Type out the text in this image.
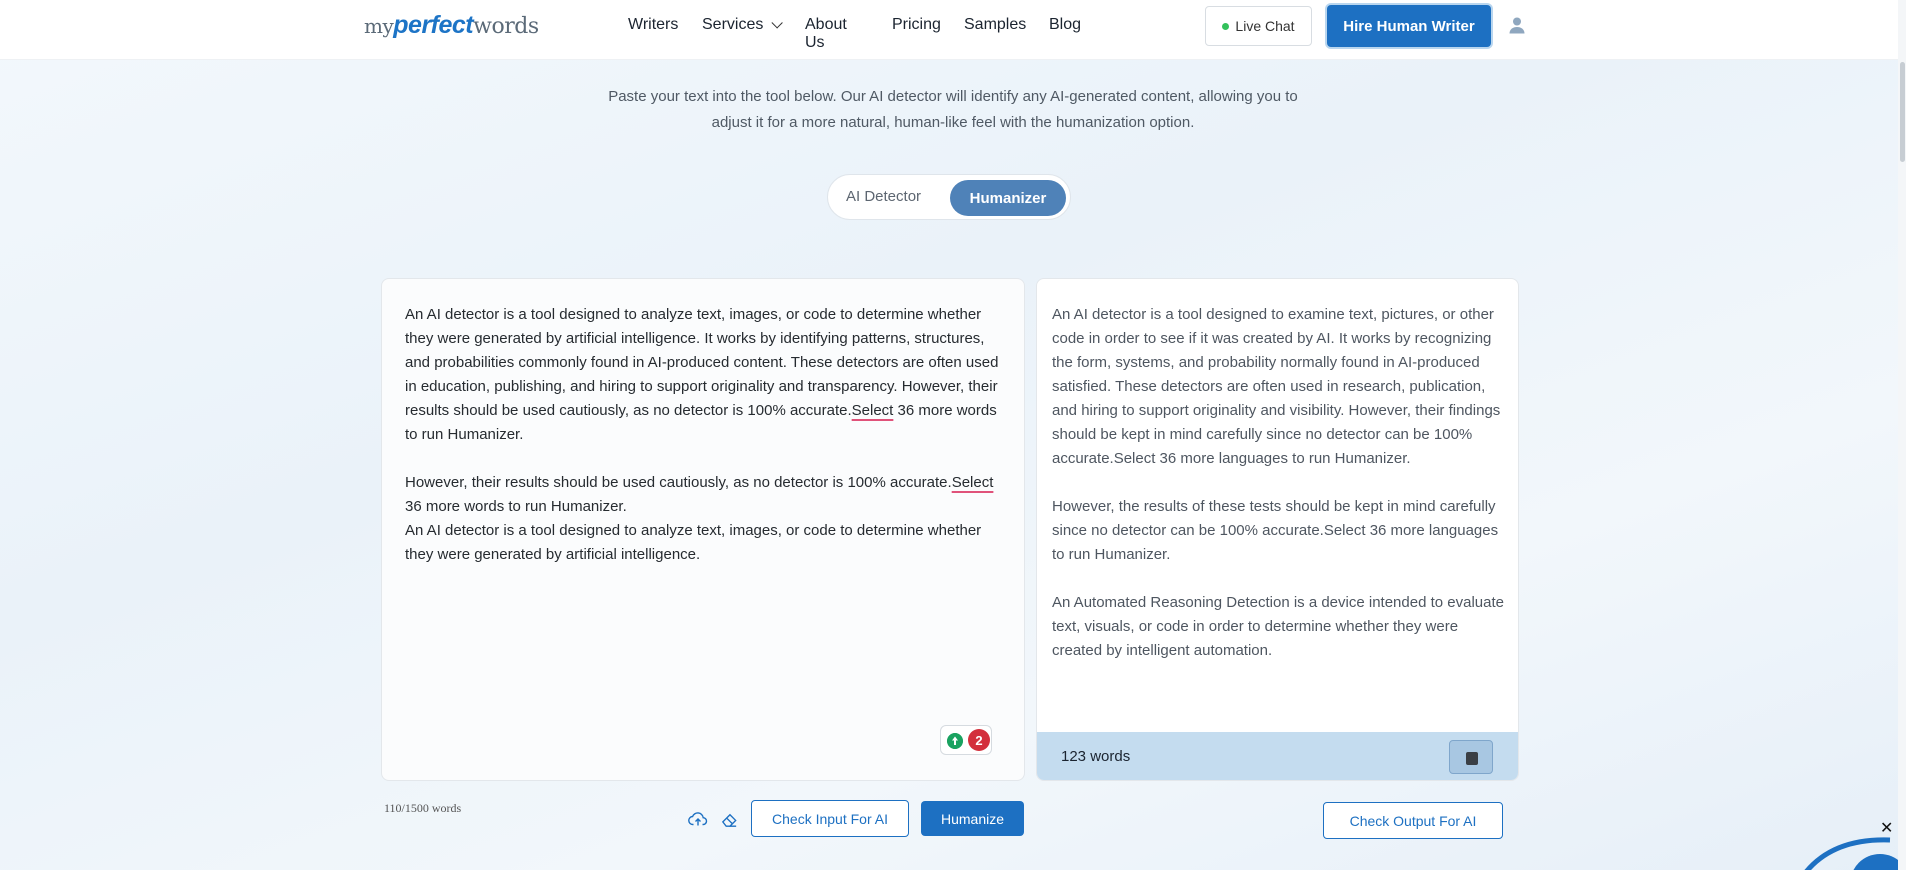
myperfectwords	Writers Services	About Us
Pricing Samples Blog	Live Chat	Hire Human Writer
Paste your text into the tool below. Our AI detector will identify any AI-generated content, allowing you to
adjust it for a more natural, human-like feel with the humanization option.
AI Detector	Humanizer
An AI detector is a tool designed to analyze text, images, or code to determine whether they were generated by artificial intelligence. It works by identifying patterns, structures, and probabilities commonly found in AI-produced content. These detectors are often used in education, publishing, and hiring to support originality and transparency. However, their results should be used cautiously, as no detector is 100% accurate.Select 36 more words to run Humanizer.
However, their results should be used cautiously, as no detector is 100% accurate.Select 36 more words to run Humanizer.
An AI detector is a tool designed to analyze text, images, or code to determine whether they were generated by artificial intelligence.
2
An AI detector is a tool designed to examine text, pictures, or other code in order to see if it was created by AI. It works by recognizing the form, systems, and probability normally found in AI-produced satisfied. These detectors are often used in research, publication, and hiring to support originality and visibility. However, their findings should be kept in mind carefully since no detector can be 100% accurate.Select 36 more languages to run Humanizer.
However, the results of these tests should be kept in mind carefully since no detector can be 100% accurate.Select 36 more languages to run Humanizer.
An Automated Reasoning Detection is a device intended to evaluate text, visuals, or code in order to determine whether they were created by intelligent automation.
123 words
110/1500 words
Check Input For AI	Humanize	Check Output For AI	✕
